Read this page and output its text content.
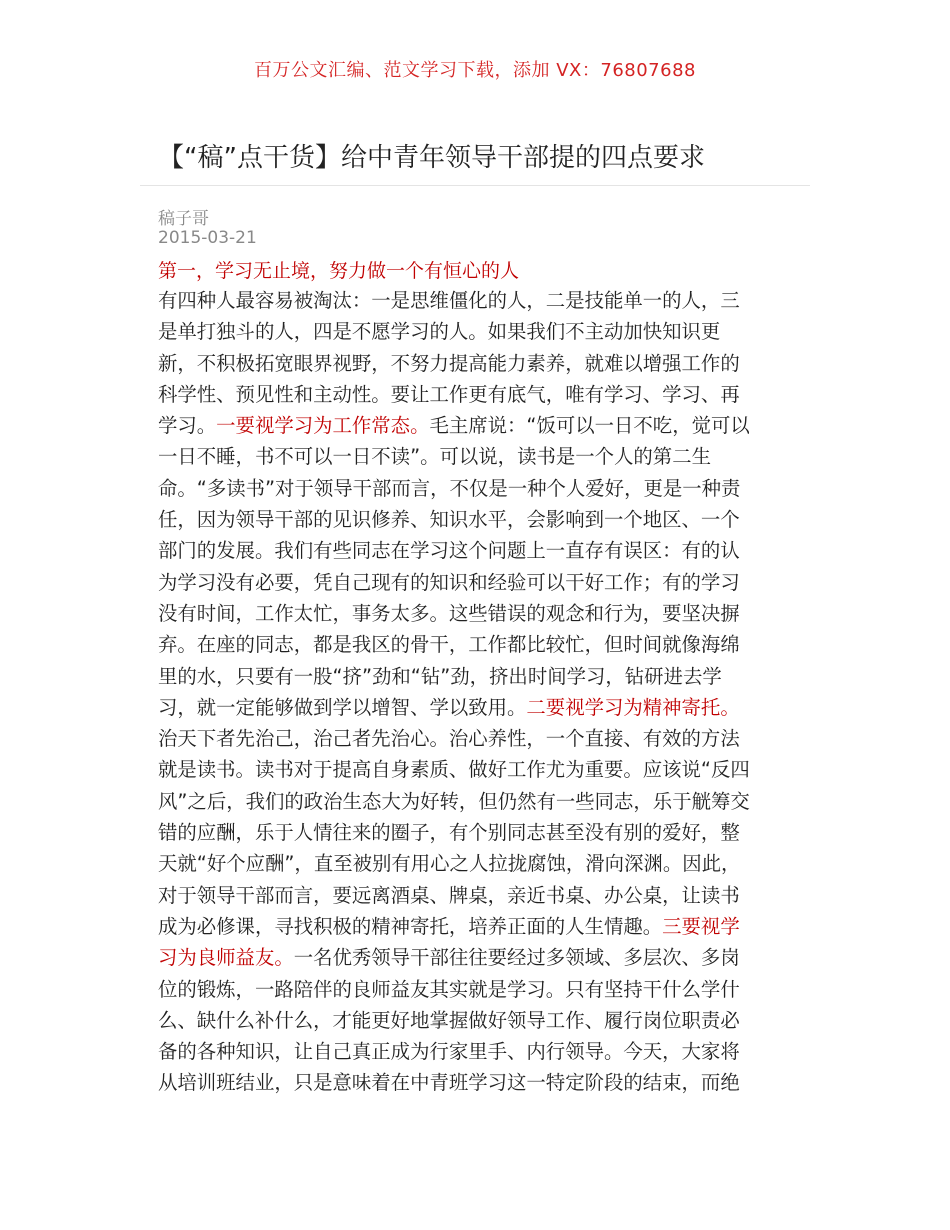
百万公文汇编、范文学习下载，添加 VX：76807688
【“稿”点干货】给中青年领导干部提的四点要求
稿子哥
2015-03-21
第一，学习无止境，努力做一个有恒心的人
有四种人最容易被淘汰：一是思维僵化的人，二是技能单一的人，三
是单打独斗的人，四是不愿学习的人。如果我们不主动加快知识更
新，不积极拓宽眼界视野，不努力提高能力素养，就难以增强工作的
科学性、预见性和主动性。要让工作更有底气，唯有学习、学习、再
学习。一要视学习为工作常态。毛主席说：“饭可以一日不吃，觉可以
一日不睡，书不可以一日不读”。可以说，读书是一个人的第二生
命。“多读书”对于领导干部而言，不仅是一种个人爱好，更是一种责
任，因为领导干部的见识修养、知识水平，会影响到一个地区、一个
部门的发展。我们有些同志在学习这个问题上一直存有误区：有的认
为学习没有必要，凭自己现有的知识和经验可以干好工作；有的学习
没有时间，工作太忙，事务太多。这些错误的观念和行为，要坚决摒
弃。在座的同志，都是我区的骨干，工作都比较忙，但时间就像海绵
里的水，只要有一股“挤”劲和“钻”劲，挤出时间学习，钻研进去学
习，就一定能够做到学以增智、学以致用。二要视学习为精神寄托。
治天下者先治己，治己者先治心。治心养性，一个直接、有效的方法
就是读书。读书对于提高自身素质、做好工作尤为重要。应该说“反四
风”之后，我们的政治生态大为好转，但仍然有一些同志，乐于觥筹交
错的应酬，乐于人情往来的圈子，有个别同志甚至没有别的爱好，整
天就“好个应酬”，直至被别有用心之人拉拢腐蚀，滑向深渊。因此，
对于领导干部而言，要远离酒桌、牌桌，亲近书桌、办公桌，让读书
成为必修课，寻找积极的精神寄托，培养正面的人生情趣。三要视学
习为良师益友。一名优秀领导干部往往要经过多领域、多层次、多岗
位的锻炼，一路陪伴的良师益友其实就是学习。只有坚持干什么学什
么、缺什么补什么，才能更好地掌握做好领导工作、履行岗位职责必
备的各种知识，让自己真正成为行家里手、内行领导。今天，大家将
从培训班结业，只是意味着在中青班学习这一特定阶段的结束，而绝
